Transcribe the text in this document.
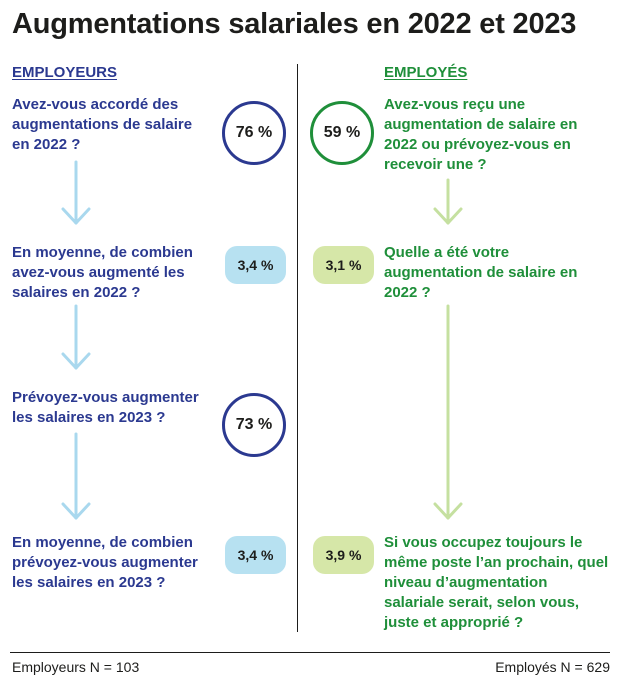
Augmentations salariales en 2022 et 2023
EMPLOYEURS	EMPLOYÉS
Avez-vous accordé des augmentations de salaire en 2022 ?
76 %
En moyenne, de combien avez-vous augmenté les salaires en 2022 ?
3,4 %
Prévoyez-vous augmenter les salaires en 2023 ?	73 %
En moyenne, de combien prévoyez-vous augmenter les salaires en 2023 ?
3,4 %
59 %
Avez-vous reçu une augmentation de salaire en 2022 ou prévoyez-vous en recevoir une ?
3,1 %
Quelle a été votre augmentation de salaire en 2022 ?
3,9 %
Si vous occupez toujours le même poste l’an prochain, quel niveau d’augmentation salariale serait, selon vous, juste et approprié ?
Employeurs N = 103	Employés N = 629
